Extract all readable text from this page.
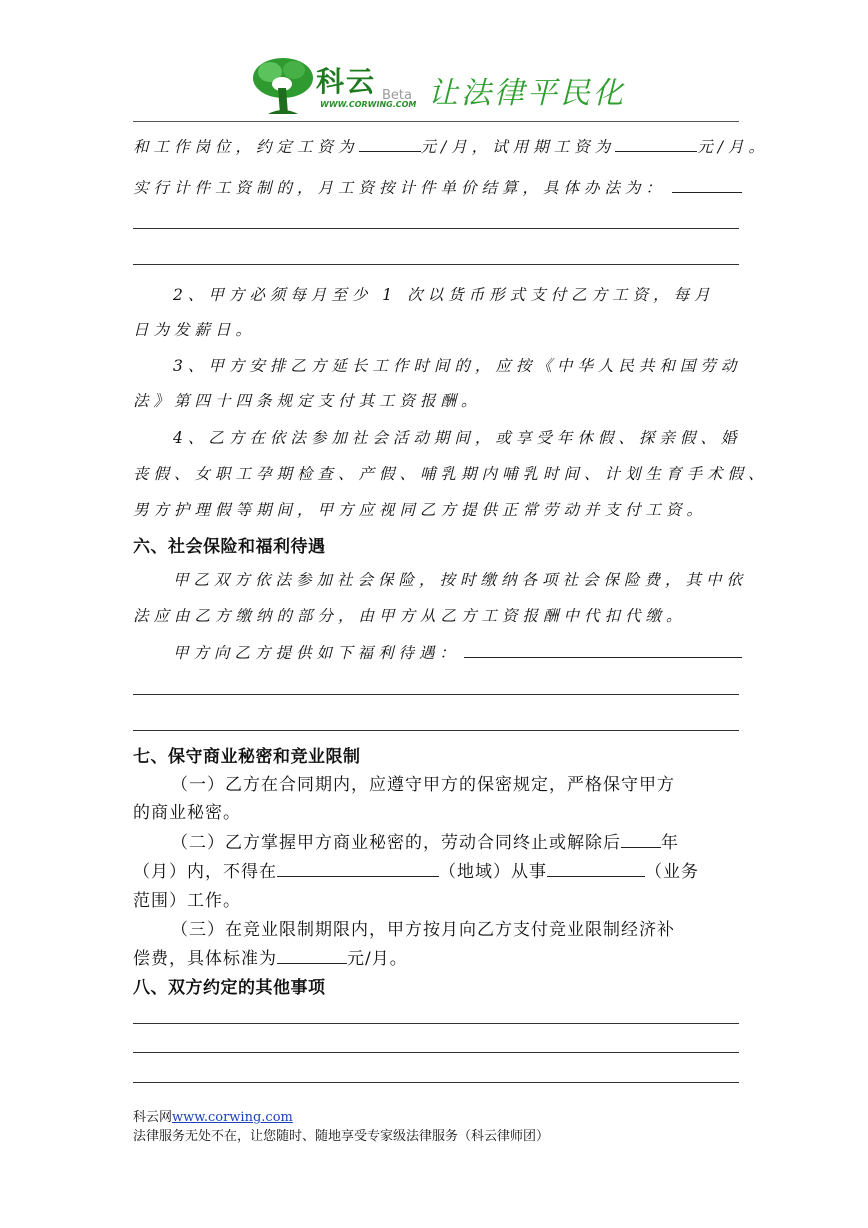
科云
WWW.CORWING.COM
Beta 让法律平民化
和工作岗位，约定工资为	元/月，试用期工资为	元/月。
实行计件工资制的，月工资按计件单价结算，具体办法为：
2、甲方必须每月至少 1 次以货币形式支付乙方工资，每月
日为发薪日。
3、甲方安排乙方延长工作时间的，应按《中华人民共和国劳动
法》第四十四条规定支付其工资报酬。
4、乙方在依法参加社会活动期间，或享受年休假、探亲假、婚
丧假、女职工孕期检查、产假、哺乳期内哺乳时间、计划生育手术假、
男方护理假等期间，甲方应视同乙方提供正常劳动并支付工资。
六、社会保险和福利待遇
甲乙双方依法参加社会保险，按时缴纳各项社会保险费，其中依
法应由乙方缴纳的部分，由甲方从乙方工资报酬中代扣代缴。
甲方向乙方提供如下福利待遇：
七、保守商业秘密和竞业限制
（一）乙方在合同期内，应遵守甲方的保密规定，严格保守甲方
的商业秘密。
（二）乙方掌握甲方商业秘密的，劳动合同终止或解除后 年
（月）内，不得在	（地域）从事	（业务
范围）工作。
（三）在竞业限制期限内，甲方按月向乙方支付竞业限制经济补
偿费，具体标准为	元/月。
八、双方约定的其他事项
科云网www.corwing.com
法律服务无处不在，让您随时、随地享受专家级法律服务（科云律师团）
